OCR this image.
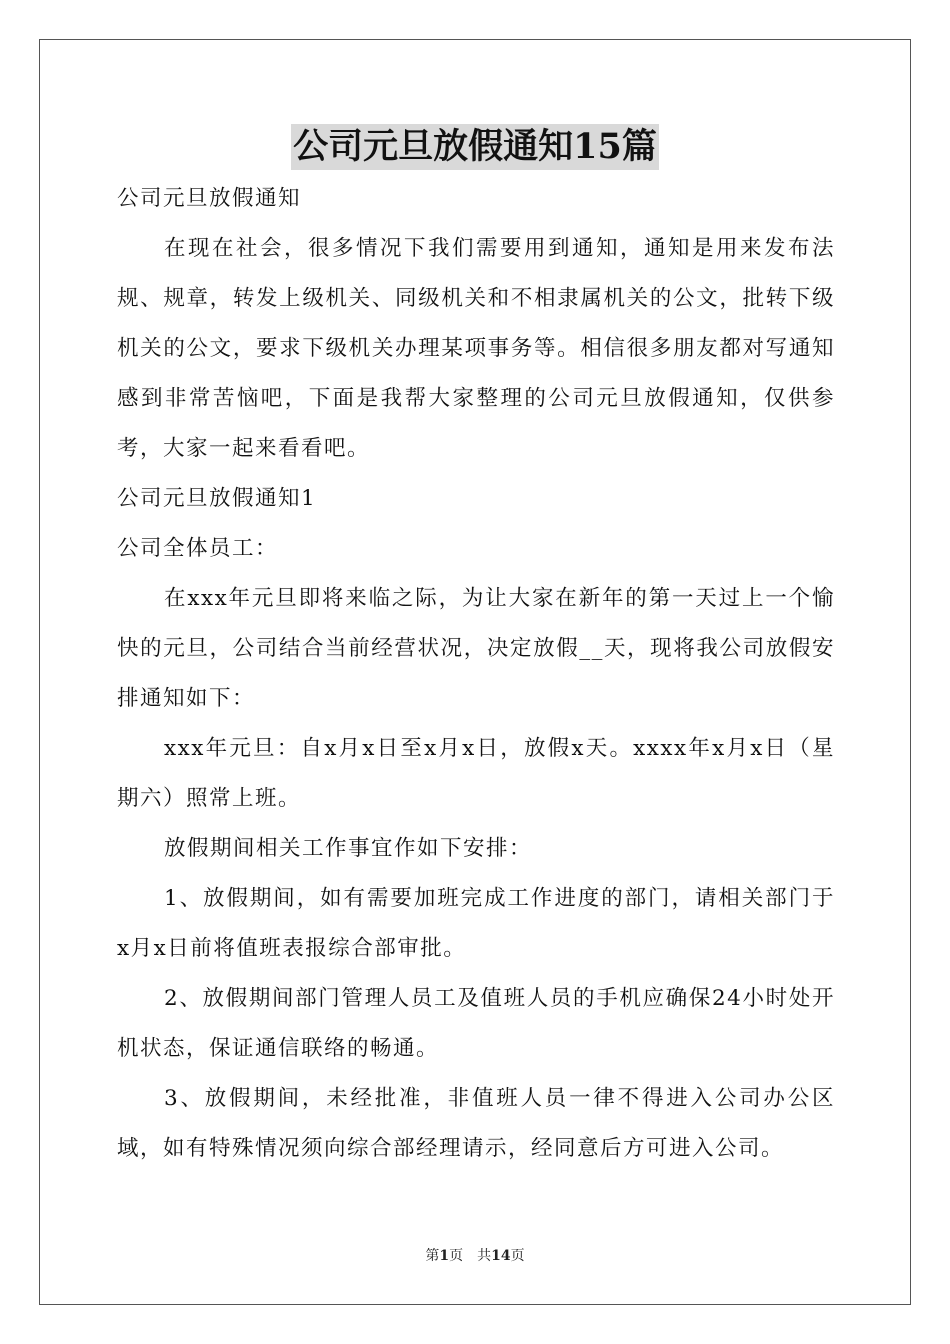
公司元旦放假通知15篇

公司元旦放假通知

在现在社会，很多情况下我们需要用到通知，通知是用来发布法规、规章，转发上级机关、同级机关和不相隶属机关的公文，批转下级机关的公文，要求下级机关办理某项事务等。相信很多朋友都对写通知感到非常苦恼吧，下面是我帮大家整理的公司元旦放假通知，仅供参考，大家一起来看看吧。

公司元旦放假通知1

公司全体员工：

在xxx年元旦即将来临之际，为让大家在新年的第一天过上一个愉快的元旦，公司结合当前经营状况，决定放假__天，现将我公司放假安排通知如下：

xxx年元旦：自x月x日至x月x日，放假x天。xxxx年x月x日（星期六）照常上班。

放假期间相关工作事宜作如下安排：

1、放假期间，如有需要加班完成工作进度的部门，请相关部门于x月x日前将值班表报综合部审批。

2、放假期间部门管理人员工及值班人员的手机应确保24小时处开机状态，保证通信联络的畅通。

3、放假期间，未经批准，非值班人员一律不得进入公司办公区域，如有特殊情况须向综合部经理请示，经同意后方可进入公司。

第1页 共14页
